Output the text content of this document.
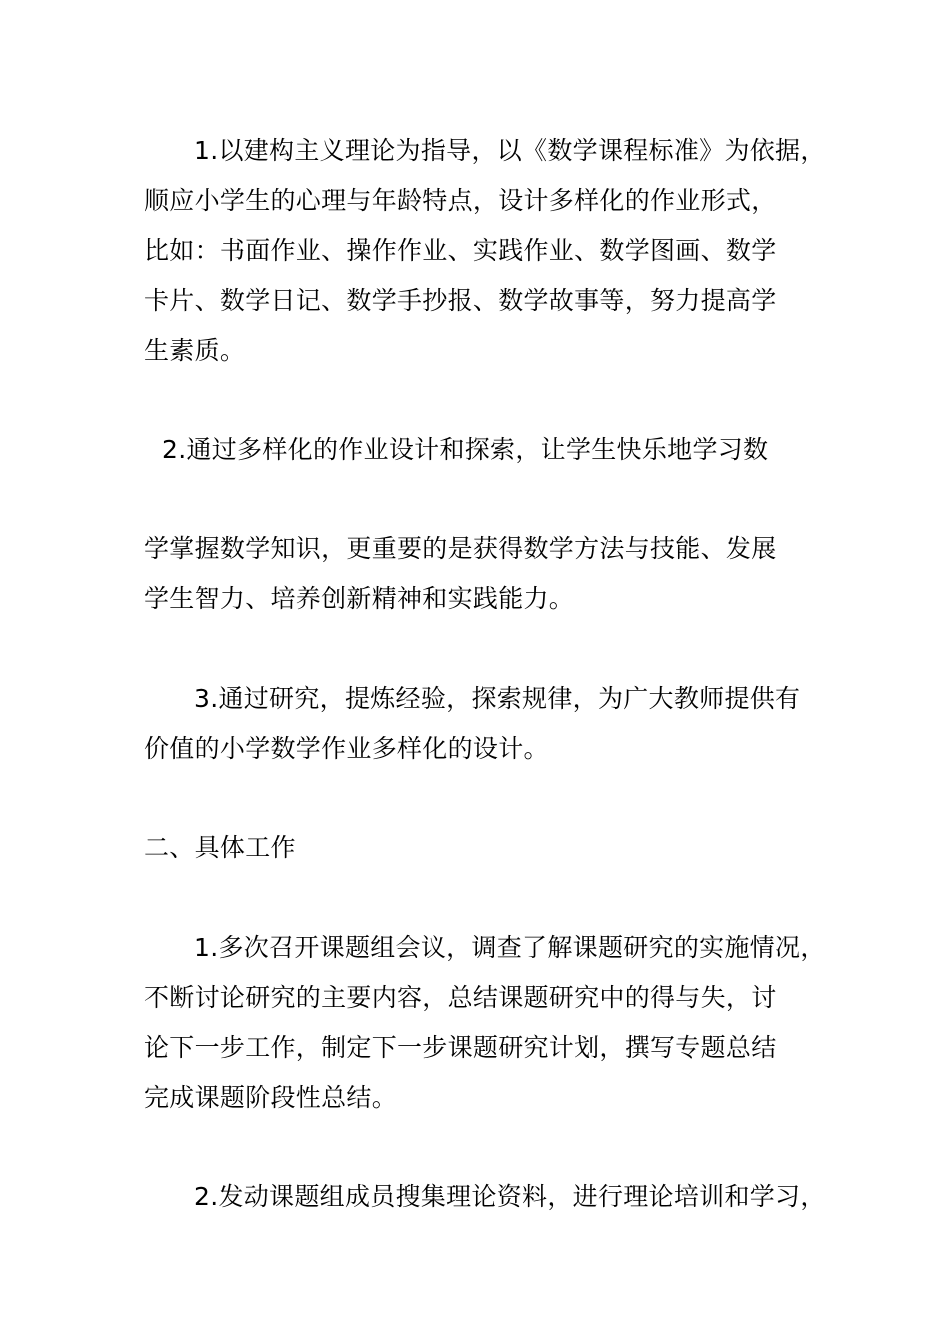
1.以建构主义理论为指导，以《数学课程标准》为依据，
顺应小学生的心理与年龄特点，设计多样化的作业形式，
比如：书面作业、操作作业、实践作业、数学图画、数学
卡片、数学日记、数学手抄报、数学故事等，努力提高学
生素质。
2.通过多样化的作业设计和探索，让学生快乐地学习数
学掌握数学知识，更重要的是获得数学方法与技能、发展
学生智力、培养创新精神和实践能力。
3.通过研究，提炼经验，探索规律，为广大教师提供有
价值的小学数学作业多样化的设计。
二、具体工作
1.多次召开课题组会议，调查了解课题研究的实施情况，
不断讨论研究的主要内容，总结课题研究中的得与失，讨
论下一步工作，制定下一步课题研究计划，撰写专题总结
完成课题阶段性总结。
2.发动课题组成员搜集理论资料，进行理论培训和学习，
